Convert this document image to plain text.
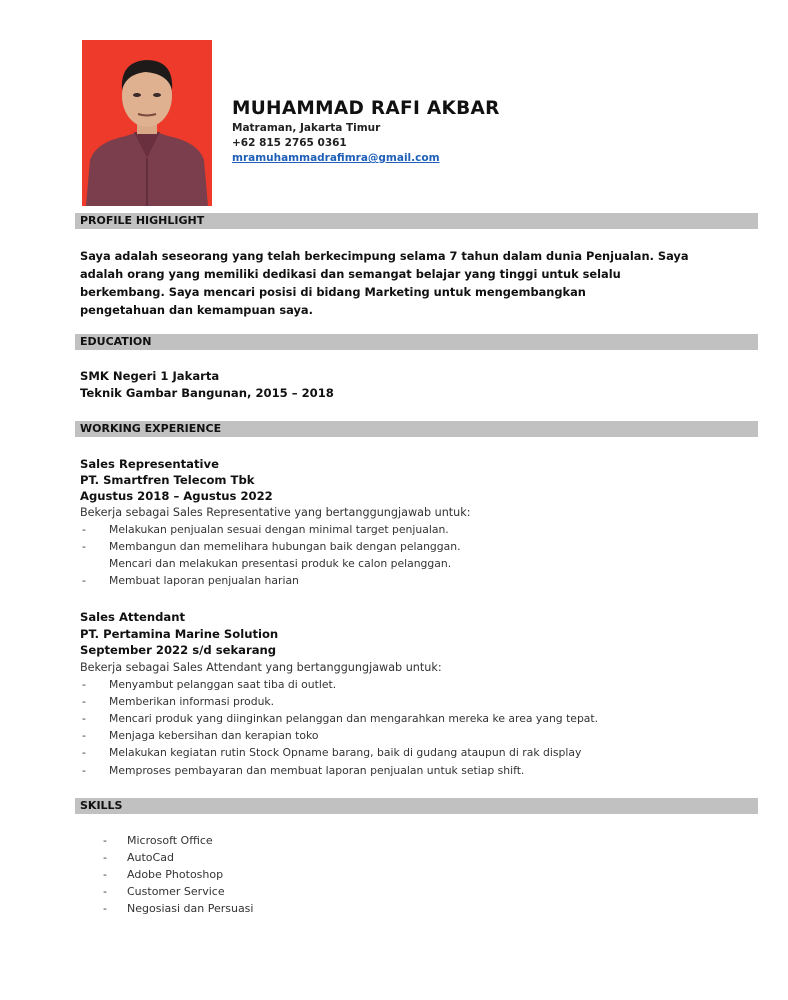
MUHAMMAD RAFI AKBAR
Matraman, Jakarta Timur
+62 815 2765 0361
mramuhammadrafimra@gmail.com
PROFILE HIGHLIGHT
Saya adalah seseorang yang telah berkecimpung selama 7 tahun dalam dunia Penjualan. Saya
adalah orang yang memiliki dedikasi dan semangat belajar yang tinggi untuk selalu
berkembang. Saya mencari posisi di bidang Marketing untuk mengembangkan
pengetahuan dan kemampuan saya.
EDUCATION
SMK Negeri 1 Jakarta
Teknik Gambar Bangunan, 2015 – 2018
WORKING EXPERIENCE
Sales Representative
PT. Smartfren Telecom Tbk
Agustus 2018 – Agustus 2022
Bekerja sebagai Sales Representative yang bertanggungjawab untuk:
- Melakukan penjualan sesuai dengan minimal target penjualan.
- Membangun dan memelihara hubungan baik dengan pelanggan.
Mencari dan melakukan presentasi produk ke calon pelanggan.
- Membuat laporan penjualan harian
Sales Attendant
PT. Pertamina Marine Solution
September 2022 s/d sekarang
Bekerja sebagai Sales Attendant yang bertanggungjawab untuk:
- Menyambut pelanggan saat tiba di outlet.
- Memberikan informasi produk.
- Mencari produk yang diinginkan pelanggan dan mengarahkan mereka ke area yang tepat.
- Menjaga kebersihan dan kerapian toko
- Melakukan kegiatan rutin Stock Opname barang, baik di gudang ataupun di rak display
- Memproses pembayaran dan membuat laporan penjualan untuk setiap shift.
SKILLS
- Microsoft Office
- AutoCad
- Adobe Photoshop
- Customer Service
- Negosiasi dan Persuasi
